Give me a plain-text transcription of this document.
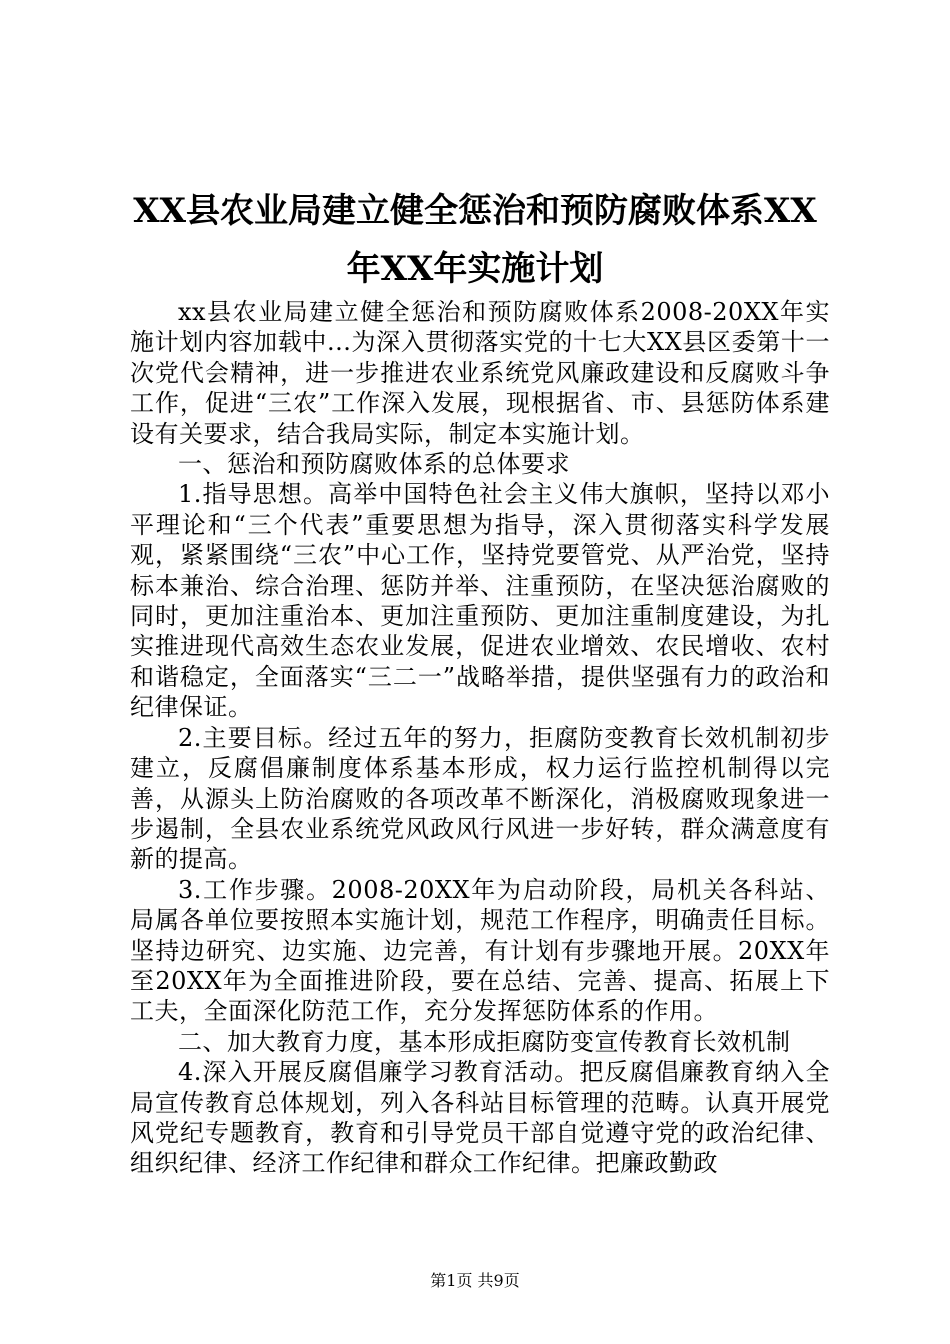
XX县农业局建立健全惩治和预防腐败体系XX年XX年实施计划

xx县农业局建立健全惩治和预防腐败体系2008-20XX年实施计划内容加载中...为深入贯彻落实党的十七大XX县区委第十一次党代会精神，进一步推进农业系统党风廉政建设和反腐败斗争工作，促进“三农”工作深入发展，现根据省、市、县惩防体系建设有关要求，结合我局实际，制定本实施计划。

一、惩治和预防腐败体系的总体要求

1.指导思想。高举中国特色社会主义伟大旗帜，坚持以邓小平理论和“三个代表”重要思想为指导，深入贯彻落实科学发展观，紧紧围绕“三农”中心工作，坚持党要管党、从严治党，坚持标本兼治、综合治理、惩防并举、注重预防，在坚决惩治腐败的同时，更加注重治本、更加注重预防、更加注重制度建设，为扎实推进现代高效生态农业发展，促进农业增效、农民增收、农村和谐稳定，全面落实“三二一”战略举措，提供坚强有力的政治和纪律保证。

2.主要目标。经过五年的努力，拒腐防变教育长效机制初步建立，反腐倡廉制度体系基本形成，权力运行监控机制得以完善，从源头上防治腐败的各项改革不断深化，消极腐败现象进一步遏制，全县农业系统党风政风行风进一步好转，群众满意度有新的提高。

3.工作步骤。2008-20XX年为启动阶段，局机关各科站、局属各单位要按照本实施计划，规范工作程序，明确责任目标。坚持边研究、边实施、边完善，有计划有步骤地开展。20XX年至20XX年为全面推进阶段，要在总结、完善、提高、拓展上下工夫，全面深化防范工作，充分发挥惩防体系的作用。

二、加大教育力度，基本形成拒腐防变宣传教育长效机制

4.深入开展反腐倡廉学习教育活动。把反腐倡廉教育纳入全局宣传教育总体规划，列入各科站目标管理的范畴。认真开展党风党纪专题教育，教育和引导党员干部自觉遵守党的政治纪律、组织纪律、经济工作纪律和群众工作纪律。把廉政勤政

第1页 共9页
